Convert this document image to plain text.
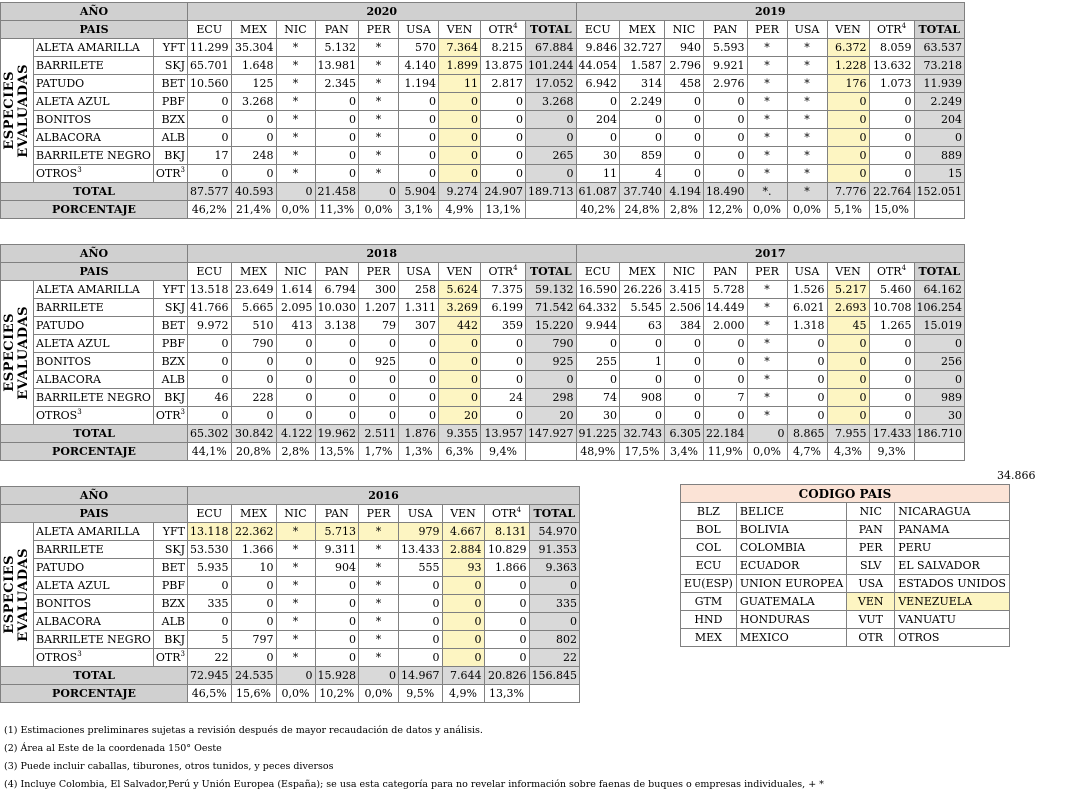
AÑO			2020									2019								
PAIS			ECU	MEX	NIC	PAN	PER	USA	VEN	OTR$^4$	TOTAL	ECU	MEX	NIC	PAN	PER	USA	VEN	OTR$^4$	TOTAL

ESPECIES EVALUADAS	ALETA AMARILLA	YFT	11.299	35.304	*	5.132	*	570	7.364	8.215	67.884	9.846	32.727	940	5.593	*	*	6.372	8.059	63.537
	BARRILETE	SKJ	65.701	1.648	*	13.981	*	4.140	1.899	13.875	101.244	44.054	1.587	2.796	9.921	*	*	1.228	13.632	73.218
	PATUDO	BET	10.560	125	*	2.345	*	1.194	11	2.817	17.052	6.942	314	458	2.976	*	*	176	1.073	11.939
	ALETA AZUL	PBF	0	3.268	*	0	*	0	0	0	3.268	0	2.249	0	0	*	*	0	0	2.249
	BONITOS	BZX	0	0	*	0	*	0	0	0	0	204	0	0	0	*	*	0	0	204
	ALBACORA	ALB	0	0	*	0	*	0	0	0	0	0	0	0	0	*	*	0	0	0
	BARRILETE NEGRO	BKJ	17	248	*	0	*	0	0	0	265	30	859	0	0	*	*	0	0	889
	OTROS$^3$	OTR$^3$	0	0	*	0	*	0	0	0	0	11	4	0	0	*	*	0	0	15
TOTAL			87.577	40.593	0	21.458	0	5.904	9.274	24.907	189.713	61.087	37.740	4.194	18.490	*.	*	7.776	22.764	152.051
PORCENTAJE			46,2%	21,4%	0,0%	11,3%	0,0%	3,1%	4,9%	13,1%		40,2%	24,8%	2,8%	12,2%	0,0%	0,0%	5,1%	15,0%	
AÑO			2018									2017								
PAIS			ECU	MEX	NIC	PAN	PER	USA	VEN	OTR$^4$	TOTAL	ECU	MEX	NIC	PAN	PER	USA	VEN	OTR$^4$	TOTAL

ESPECIES EVALUADAS	ALETA AMARILLA	YFT	13.518	23.649	1.614	6.794	300	258	5.624	7.375	59.132	16.590	26.226	3.415	5.728	*	1.526	5.217	5.460	64.162
	BARRILETE	SKJ	41.766	5.665	2.095	10.030	1.207	1.311	3.269	6.199	71.542	64.332	5.545	2.506	14.449	*	6.021	2.693	10.708	106.254
	PATUDO	BET	9.972	510	413	3.138	79	307	442	359	15.220	9.944	63	384	2.000	*	1.318	45	1.265	15.019
	ALETA AZUL	PBF	0	790	0	0	0	0	0	0	790	0	0	0	0	*	0	0	0	0
	BONITOS	BZX	0	0	0	0	925	0	0	0	925	255	1	0	0	*	0	0	0	256
	ALBACORA	ALB	0	0	0	0	0	0	0	0	0	0	0	0	0	*	0	0	0	0
	BARRILETE NEGRO	BKJ	46	228	0	0	0	0	0	24	298	74	908	0	7	*	0	0	0	989
	OTROS$^3$	OTR$^3$	0	0	0	0	0	0	20	0	20	30	0	0	0	*	0	0	0	30
TOTAL			65.302	30.842	4.122	19.962	2.511	1.876	9.355	13.957	147.927	91.225	32.743	6.305	22.184	0	8.865	7.955	17.433	186.710
PORCENTAJE			44,1%	20,8%	2,8%	13,5%	1,7%	1,3%	6,3%	9,4%		48,9%	17,5%	3,4%	11,9%	0,0%	4,7%	4,3%	9,3%	
34.866
AÑO			2016								
PAIS			ECU	MEX	NIC	PAN	PER	USA	VEN	OTR$^4$	TOTAL

ESPECIES EVALUADAS	ALETA AMARILLA	YFT	13.118	22.362	*	5.713	*	979	4.667	8.131	54.970
	BARRILETE	SKJ	53.530	1.366	*	9.311	*	13.433	2.884	10.829	91.353
	PATUDO	BET	5.935	10	*	904	*	555	93	1.866	9.363
	ALETA AZUL	PBF	0	0	*	0	*	0	0	0	0
	BONITOS	BZX	335	0	*	0	*	0	0	0	335
	ALBACORA	ALB	0	0	*	0	*	0	0	0	0
	BARRILETE NEGRO	BKJ	5	797	*	0	*	0	0	0	802
	OTROS$^3$	OTR$^3$	22	0	*	0	*	0	0	0	22
TOTAL			72.945	24.535	0	15.928	0	14.967	7.644	20.826	156.845
PORCENTAJE			46,5%	15,6%	0,0%	10,2%	0,0%	9,5%	4,9%	13,3%	
CODIGO PAIS			
BLZ	BELICE	NIC	NICARAGUA
BOL	BOLIVIA	PAN	PANAMA
COL	COLOMBIA	PER	PERU
ECU	ECUADOR	SLV	EL SALVADOR
EU(ESP)	UNION EUROPEA	USA	ESTADOS UNIDOS
GTM	GUATEMALA	VEN	VENEZUELA
HND	HONDURAS	VUT	VANUATU
MEX	MEXICO	OTR	OTROS
(1) Estimaciones preliminares sujetas a revisión después de mayor recaudación de datos y análisis.
(2) Área al Este de la coordenada 150° Oeste
(3) Puede incluir caballas, tiburones, otros tunidos, y peces diversos
(4) Incluye Colombia, El Salvador,Perú y Unión Europea (España); se usa esta categoría para no revelar información sobre faenas de buques o empresas individuales, + *
